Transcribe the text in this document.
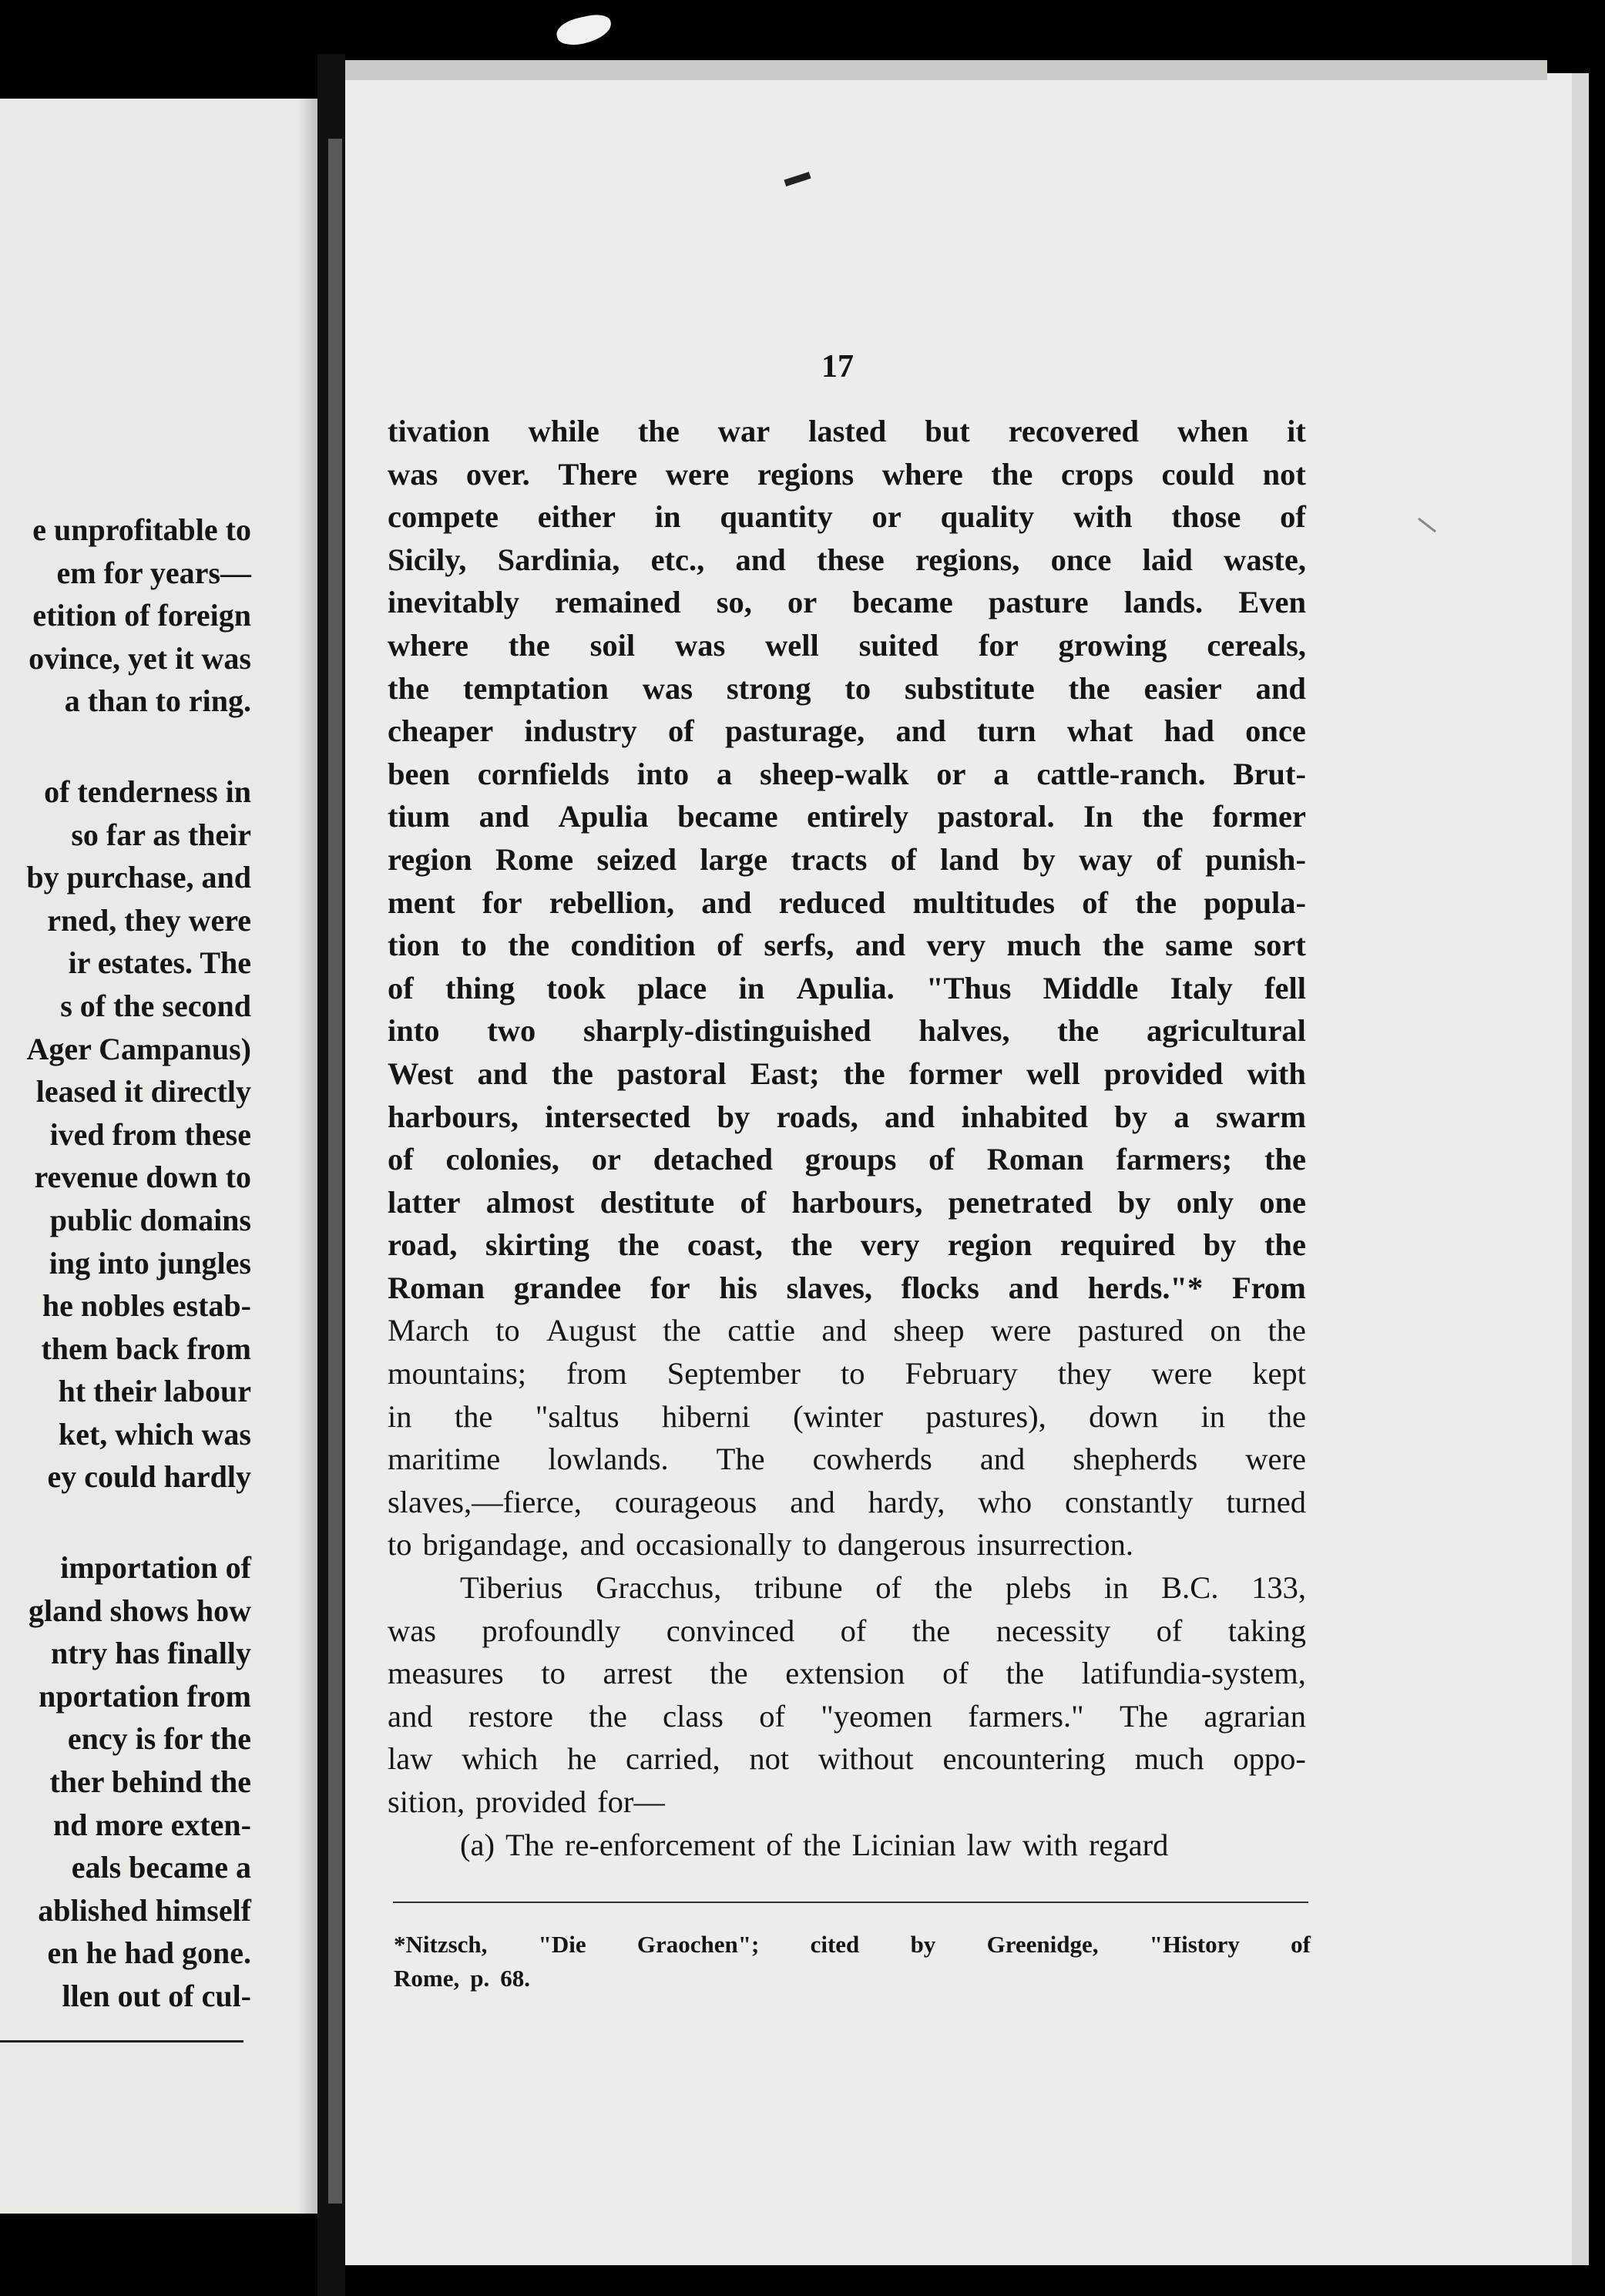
e unprofitable to
em for years—
etition of foreign
ovince, yet it was
a than to ring.
of tenderness in
so far as their
by purchase, and
rned, they were
ir estates. The
s of the second
Ager Campanus)
leased it directly
ived from these
revenue down to
public domains
ing into jungles
he nobles estab-
them back from
ht their labour
ket, which was
ey could hardly
importation of
gland shows how
ntry has finally
nportation from
ency is for the
ther behind the
nd more exten-
eals became a
ablished himself
en he had gone.
llen out of cul-
17
tivation while the war lasted but recovered when it
was over. There were regions where the crops could not
compete either in quantity or quality with those of
Sicily, Sardinia, etc., and these regions, once laid waste,
inevitably remained so, or became pasture lands. Even
where the soil was well suited for growing cereals,
the temptation was strong to substitute the easier and
cheaper industry of pasturage, and turn what had once
been cornfields into a sheep-walk or a cattle-ranch. Brut-
tium and Apulia became entirely pastoral. In the former
region Rome seized large tracts of land by way of punish-
ment for rebellion, and reduced multitudes of the popula-
tion to the condition of serfs, and very much the same sort
of thing took place in Apulia. "Thus Middle Italy fell
into two sharply-distinguished halves, the agricultural
West and the pastoral East; the former well provided with
harbours, intersected by roads, and inhabited by a swarm
of colonies, or detached groups of Roman farmers; the
latter almost destitute of harbours, penetrated by only one
road, skirting the coast, the very region required by the
Roman grandee for his slaves, flocks and herds."* From
March to August the cattie and sheep were pastured on the
mountains; from September to February they were kept
in the "saltus hiberni (winter pastures), down in the
maritime lowlands. The cowherds and shepherds were
slaves,—fierce, courageous and hardy, who constantly turned
to brigandage, and occasionally to dangerous insurrection.
Tiberius Gracchus, tribune of the plebs in B.C. 133,
was profoundly convinced of the necessity of taking
measures to arrest the extension of the latifundia-system,
and restore the class of "yeomen farmers." The agrarian
law which he carried, not without encountering much oppo-
sition, provided for—
(a) The re-enforcement of the Licinian law with regard
*Nitzsch, "Die Graochen"; cited by Greenidge, "History of
Rome, p. 68.
